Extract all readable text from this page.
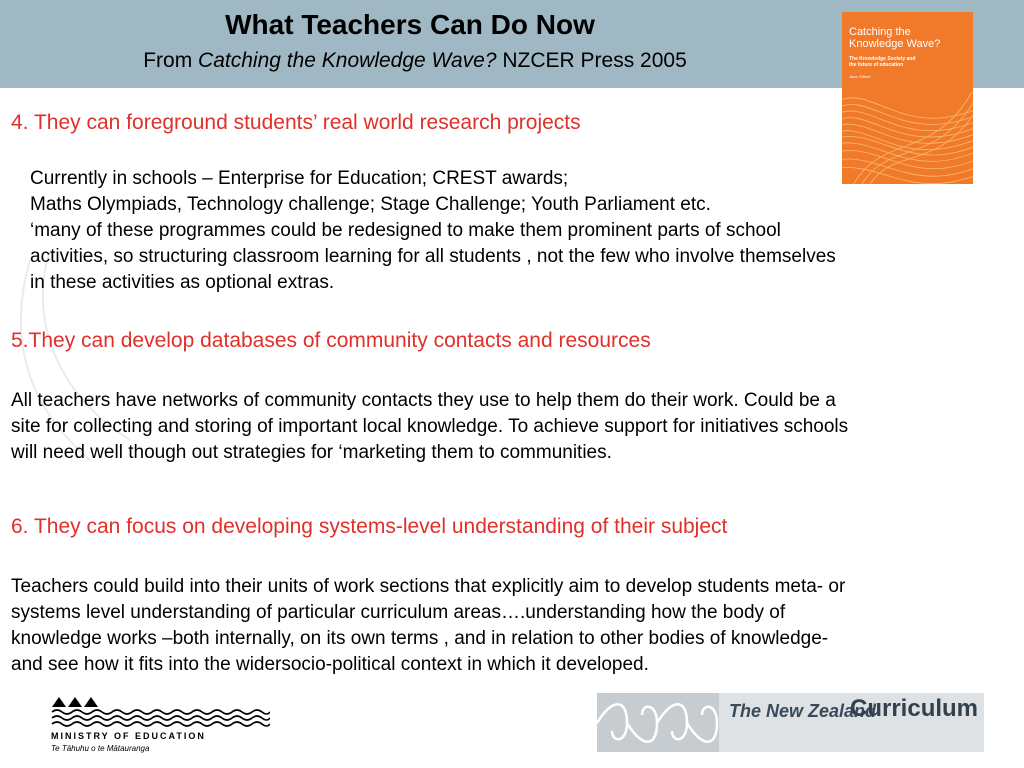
What Teachers Can Do Now
From Catching the Knowledge Wave? NZCER Press 2005
Catching the
Knowledge Wave?
The Knowledge Society and
the future of education
Jane Gilbert
4. They can foreground students’ real world research projects
Currently in schools – Enterprise for Education; CREST awards;
Maths Olympiads, Technology challenge; Stage Challenge; Youth Parliament etc.
‘many of these programmes could be redesigned to make them prominent parts of school
activities, so structuring classroom learning for all students , not the few who involve themselves
in these activities as optional extras.
5.They can develop databases of community contacts and resources
All teachers have networks of community contacts they use to help them do their work. Could be a
site for collecting and storing of important local knowledge. To achieve support for initiatives schools
will need well though out strategies for ‘marketing them to communities.
6. They can focus on developing systems-level understanding of their subject
Teachers could build into their units of work sections that explicitly aim to develop students meta- or
systems level understanding of particular curriculum areas….understanding how the body of
knowledge works –both internally, on its own terms , and in relation to other bodies of knowledge-
and see how it fits into the widersocio-political context in which it developed.
MINISTRY OF EDUCATION
Te Tāhuhu o te Mātauranga
The New Zealand
Curriculum
